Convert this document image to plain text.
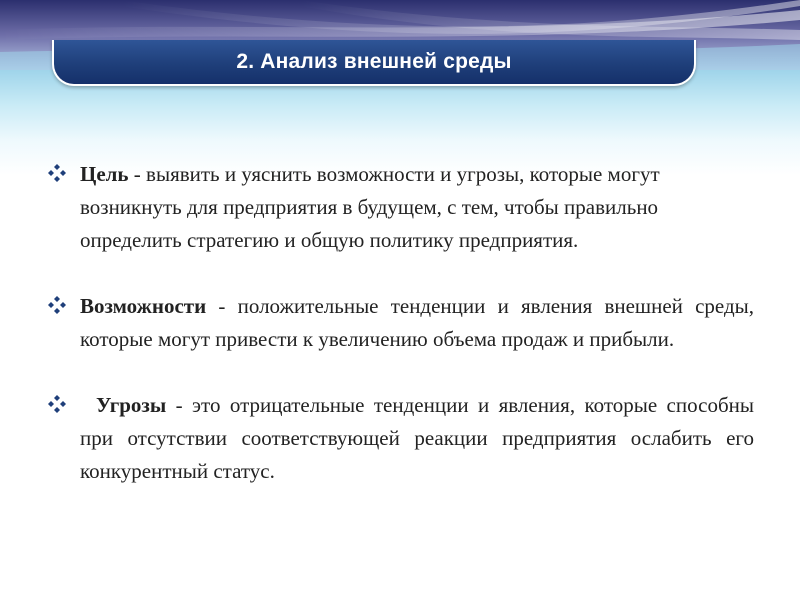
2. Анализ внешней среды
Цель - выявить и уяснить возможности и угрозы, которые могут возникнуть для предприятия в будущем, с тем, чтобы правильно определить стратегию и общую политику предприятия.
Возможности - положительные тенденции и явления внешней среды, которые могут привести к увеличению объема продаж и прибыли.
Угрозы - это отрицательные тенденции и явления, которые способны при отсутствии соответствующей реакции предприятия ослабить его конкурентный статус.
